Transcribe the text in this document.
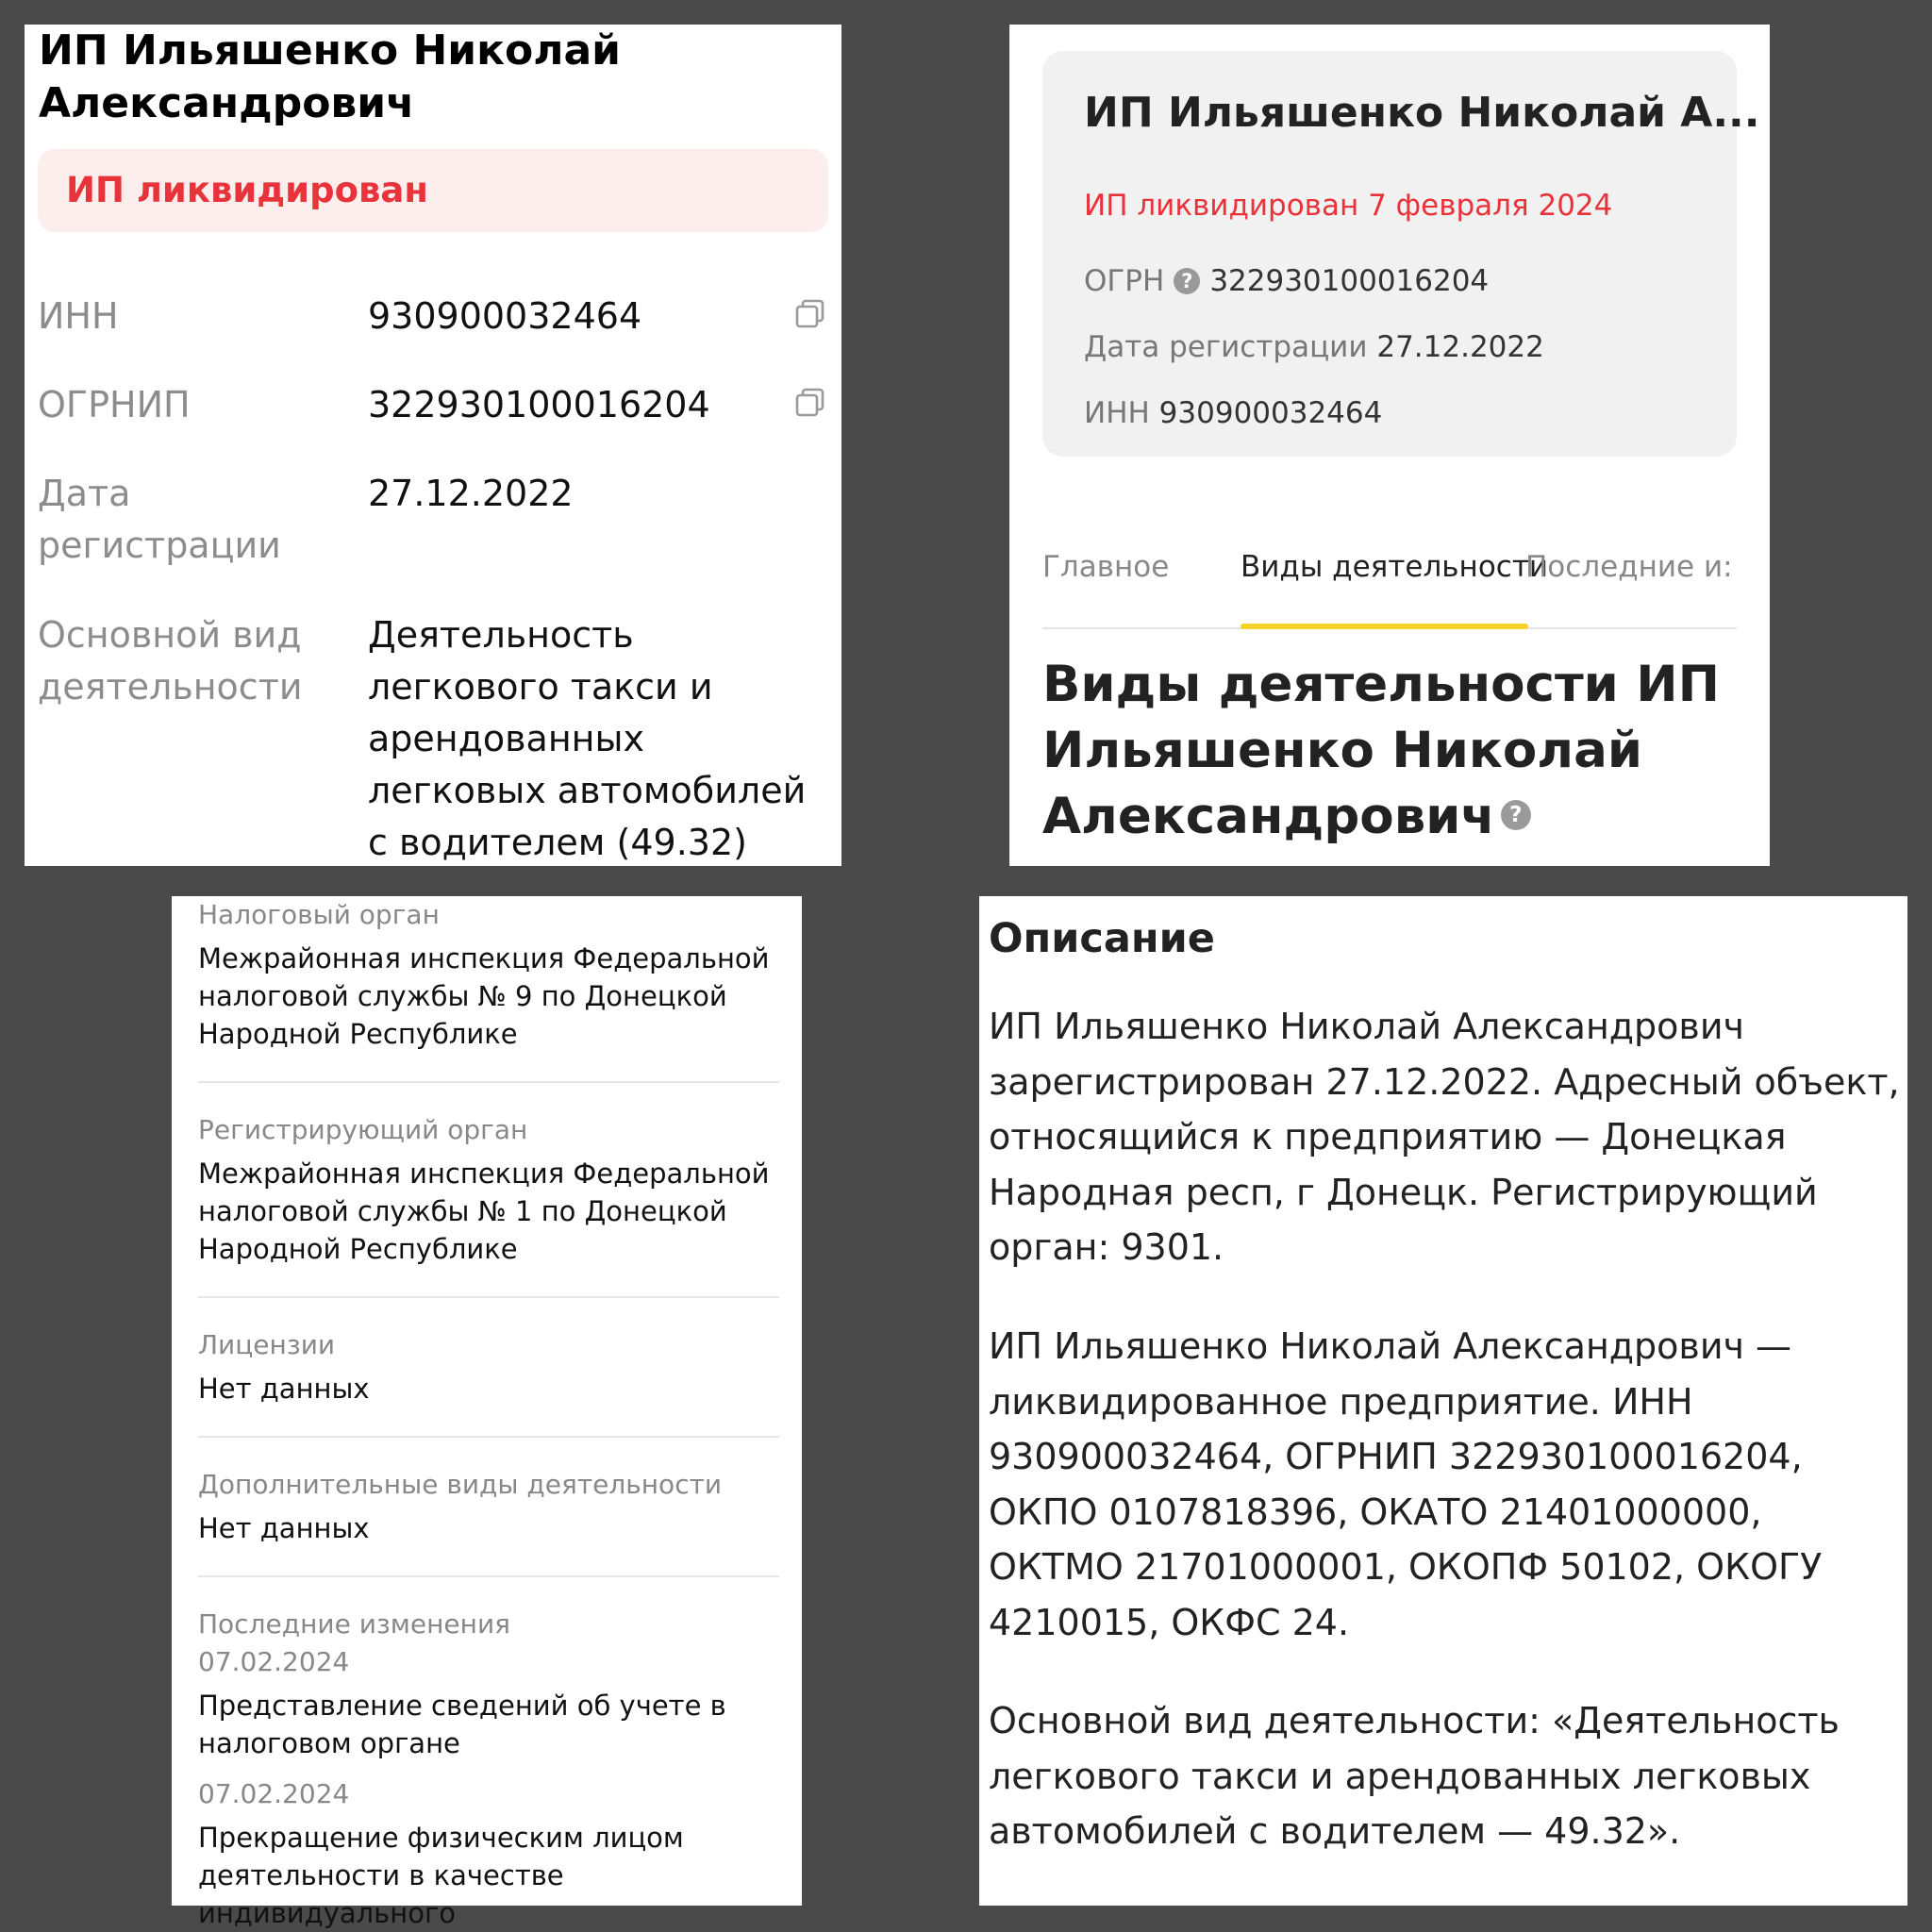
ИП Ильяшенко Николай Александрович
ИП ликвидирован
ИНН	930900032464
ОГРНИП	322930100016204
Дата регистрации
27.12.2022
Основной вид деятельности
Деятельность легкового такси и арендованных легковых автомобилей с водителем (49.32)
ИП Ильяшенко Николай А...
ИП ликвидирован 7 февраля 2024
ОГРН ? 322930100016204
Дата регистрации 27.12.2022
ИНН 930900032464
Главное Виды деятельности
Последние и:
Виды деятельности ИП Ильяшенко Николай Александрович ?
Налоговый орган
Межрайонная инспекция Федеральной налоговой службы № 9 по Донецкой Народной Республике
Регистрирующий орган
Межрайонная инспекция Федеральной налоговой службы № 1 по Донецкой Народной Республике
Лицензии
Нет данных
Дополнительные виды деятельности
Нет данных
Последние изменения
07.02.2024
Представление сведений об учете в налоговом органе
07.02.2024
Прекращение физическим лицом деятельности в качестве индивидуального
Описание
ИП Ильяшенко Николай Александрович зарегистрирован 27.12.2022. Адресный объект, относящийся к предприятию — Донецкая Народная респ, г Донецк. Регистрирующий орган: 9301.
ИП Ильяшенко Николай Александрович — ликвидированное предприятие. ИНН 930900032464, ОГРНИП 322930100016204, ОКПО 0107818396, ОКАТО 21401000000, ОКТМО 21701000001, ОКОПФ 50102, ОКОГУ 4210015, ОКФС 24.
Основной вид деятельности: «Деятельность легкового такси и арендованных легковых автомобилей с водителем — 49.32».
